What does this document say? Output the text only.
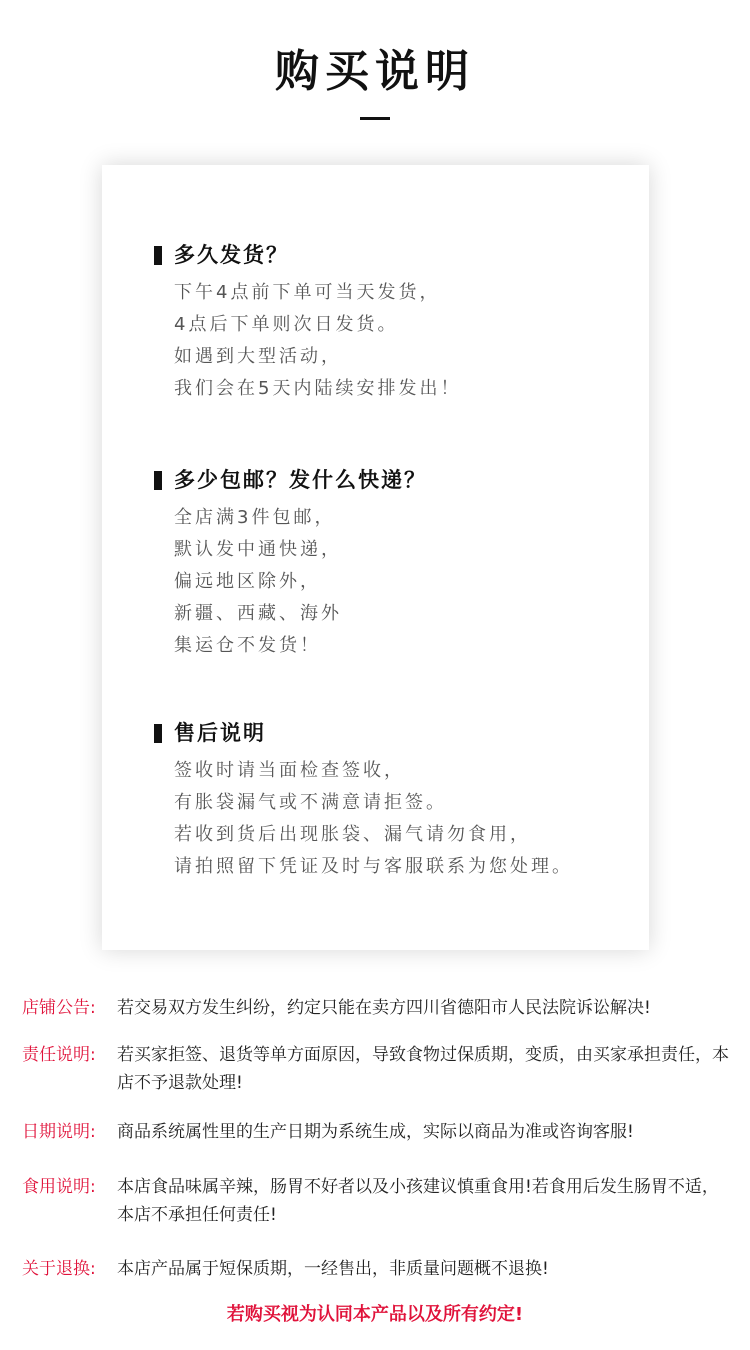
购买说明
多久发货？
下午4点前下单可当天发货，
4点后下单则次日发货。
如遇到大型活动，
我们会在5天内陆续安排发出！
多少包邮？发什么快递？
全店满3件包邮，
默认发中通快递，
偏远地区除外，
新疆、西藏、海外
集运仓不发货！
售后说明
签收时请当面检查签收，
有胀袋漏气或不满意请拒签。
若收到货后出现胀袋、漏气请勿食用，
请拍照留下凭证及时与客服联系为您处理。
店铺公告:	若交易双方发生纠纷，约定只能在卖方四川省德阳市人民法院诉讼解决!
责任说明:	若买家拒签、退货等单方面原因，导致食物过保质期，变质，由买家承担责任，本店不予退款处理!
日期说明:	商品系统属性里的生产日期为系统生成，实际以商品为准或咨询客服!
食用说明:	本店食品味属辛辣，肠胃不好者以及小孩建议慎重食用!若食用后发生肠胃不适，本店不承担任何责任!
关于退换:	本店产品属于短保质期，一经售出，非质量问题概不退换!
若购买视为认同本产品以及所有约定!
